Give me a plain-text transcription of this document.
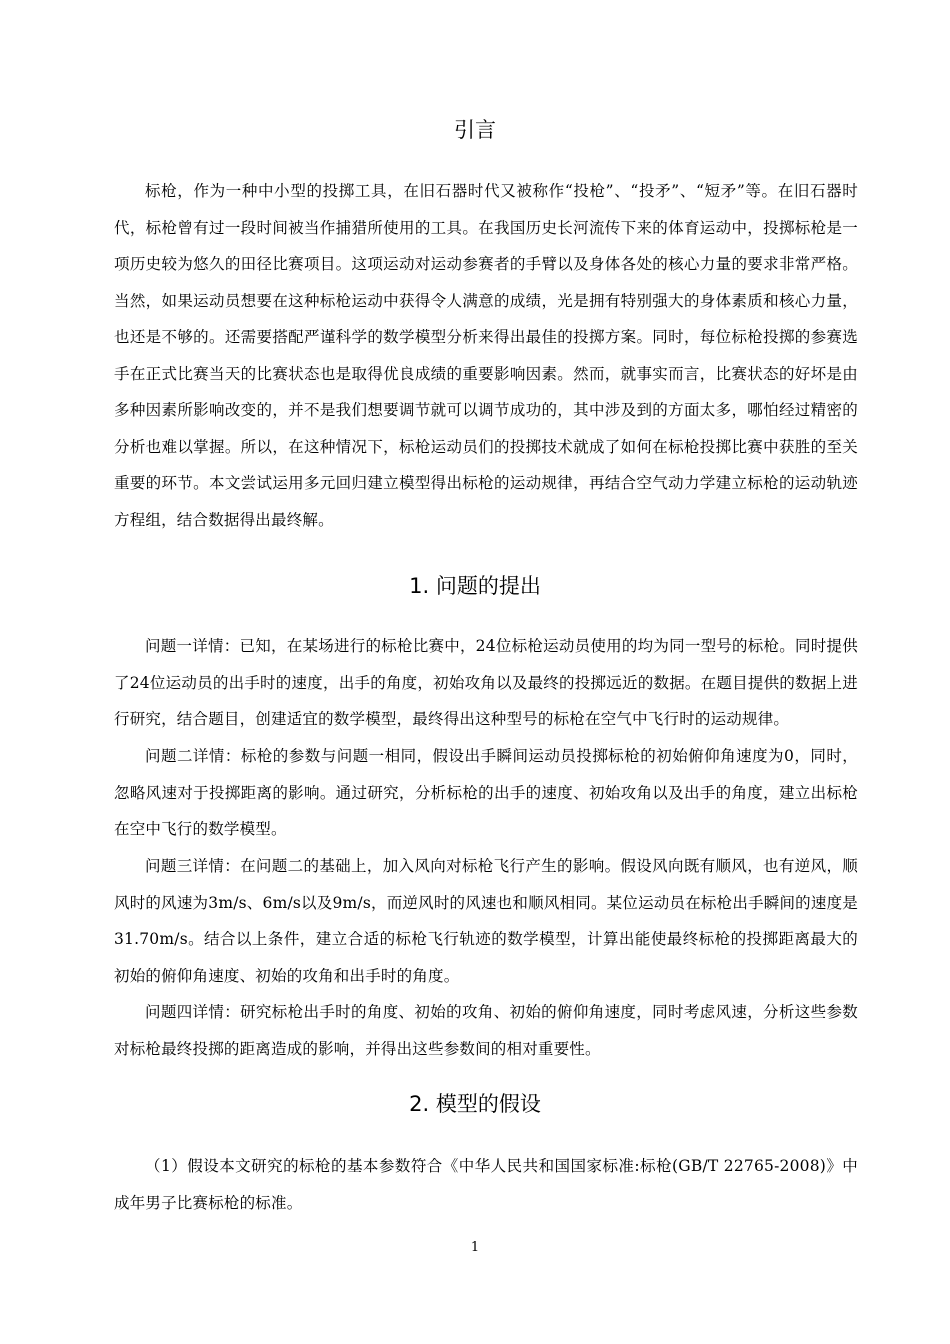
引言

标枪，作为一种中小型的投掷工具，在旧石器时代又被称作“投枪”、“投矛”、“短矛”等。在旧石器时代，标枪曾有过一段时间被当作捕猎所使用的工具。在我国历史长河流传下来的体育运动中，投掷标枪是一项历史较为悠久的田径比赛项目。这项运动对运动参赛者的手臂以及身体各处的核心力量的要求非常严格。当然，如果运动员想要在这种标枪运动中获得令人满意的成绩，光是拥有特别强大的身体素质和核心力量，也还是不够的。还需要搭配严谨科学的数学模型分析来得出最佳的投掷方案。同时，每位标枪投掷的参赛选手在正式比赛当天的比赛状态也是取得优良成绩的重要影响因素。然而，就事实而言，比赛状态的好坏是由多种因素所影响改变的，并不是我们想要调节就可以调节成功的，其中涉及到的方面太多，哪怕经过精密的分析也难以掌握。所以，在这种情况下，标枪运动员们的投掷技术就成了如何在标枪投掷比赛中获胜的至关重要的环节。本文尝试运用多元回归建立模型得出标枪的运动规律，再结合空气动力学建立标枪的运动轨迹方程组，结合数据得出最终解。

1. 问题的提出

问题一详情：已知，在某场进行的标枪比赛中，24位标枪运动员使用的均为同一型号的标枪。同时提供了24位运动员的出手时的速度，出手的角度，初始攻角以及最终的投掷远近的数据。在题目提供的数据上进行研究，结合题目，创建适宜的数学模型，最终得出这种型号的标枪在空气中飞行时的运动规律。

问题二详情：标枪的参数与问题一相同，假设出手瞬间运动员投掷标枪的初始俯仰角速度为0，同时，忽略风速对于投掷距离的影响。通过研究，分析标枪的出手的速度、初始攻角以及出手的角度，建立出标枪在空中飞行的数学模型。

问题三详情：在问题二的基础上，加入风向对标枪飞行产生的影响。假设风向既有顺风，也有逆风，顺风时的风速为3m/s、6m/s以及9m/s，而逆风时的风速也和顺风相同。某位运动员在标枪出手瞬间的速度是31.70m/s。结合以上条件，建立合适的标枪飞行轨迹的数学模型，计算出能使最终标枪的投掷距离最大的初始的俯仰角速度、初始的攻角和出手时的角度。

问题四详情：研究标枪出手时的角度、初始的攻角、初始的俯仰角速度，同时考虑风速，分析这些参数对标枪最终投掷的距离造成的影响，并得出这些参数间的相对重要性。

2. 模型的假设

（1）假设本文研究的标枪的基本参数符合《中华人民共和国国家标准:标枪(GB/T 22765-2008)》中成年男子比赛标枪的标准。

1
